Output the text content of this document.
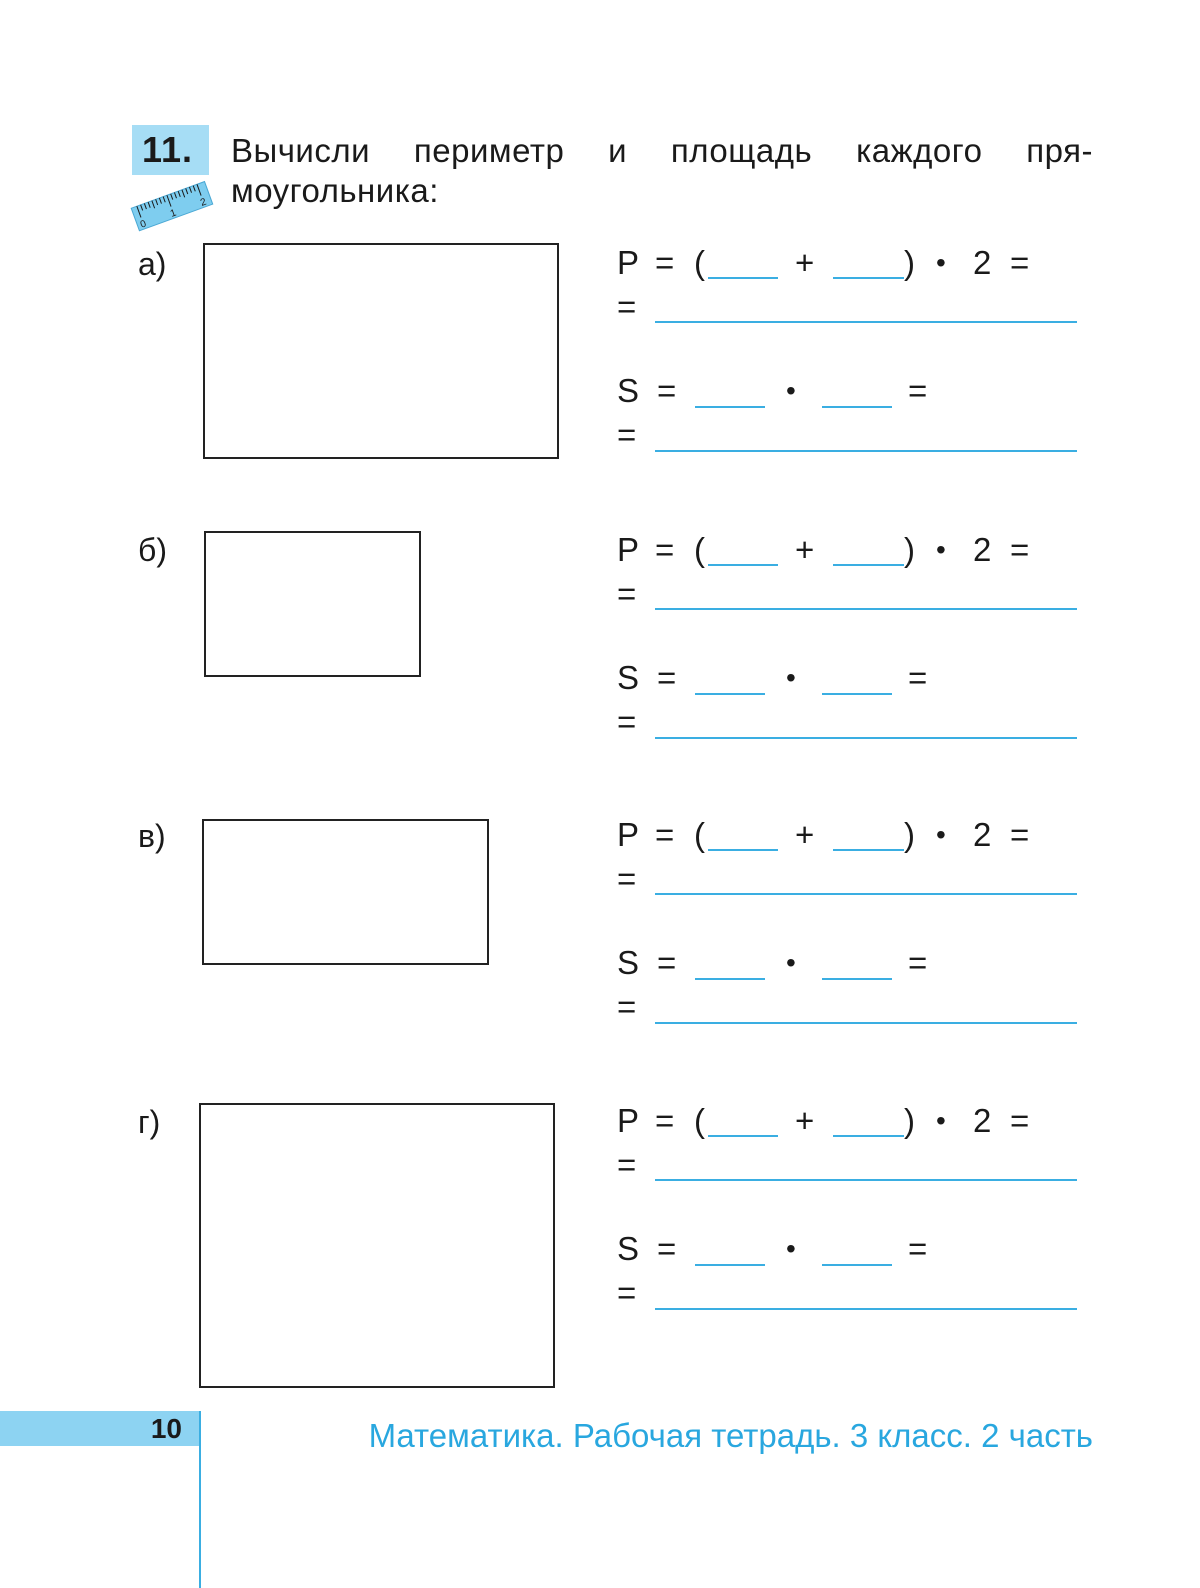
11.	Вычисли периметр и площадь каждого пря-
моугольника:
0
1
2
а)
б)
в)
г)
P = (	+	) • 2 =
=
S =	•	=
=
P = (	+	) • 2 =
=
S =	•	=
=
P = (	+	) • 2 =
=
S =	•	=
=
P = (	+	) • 2 =
=
S =	•	=
=
10	Математика. Рабочая тетрадь. 3 класс. 2 часть
